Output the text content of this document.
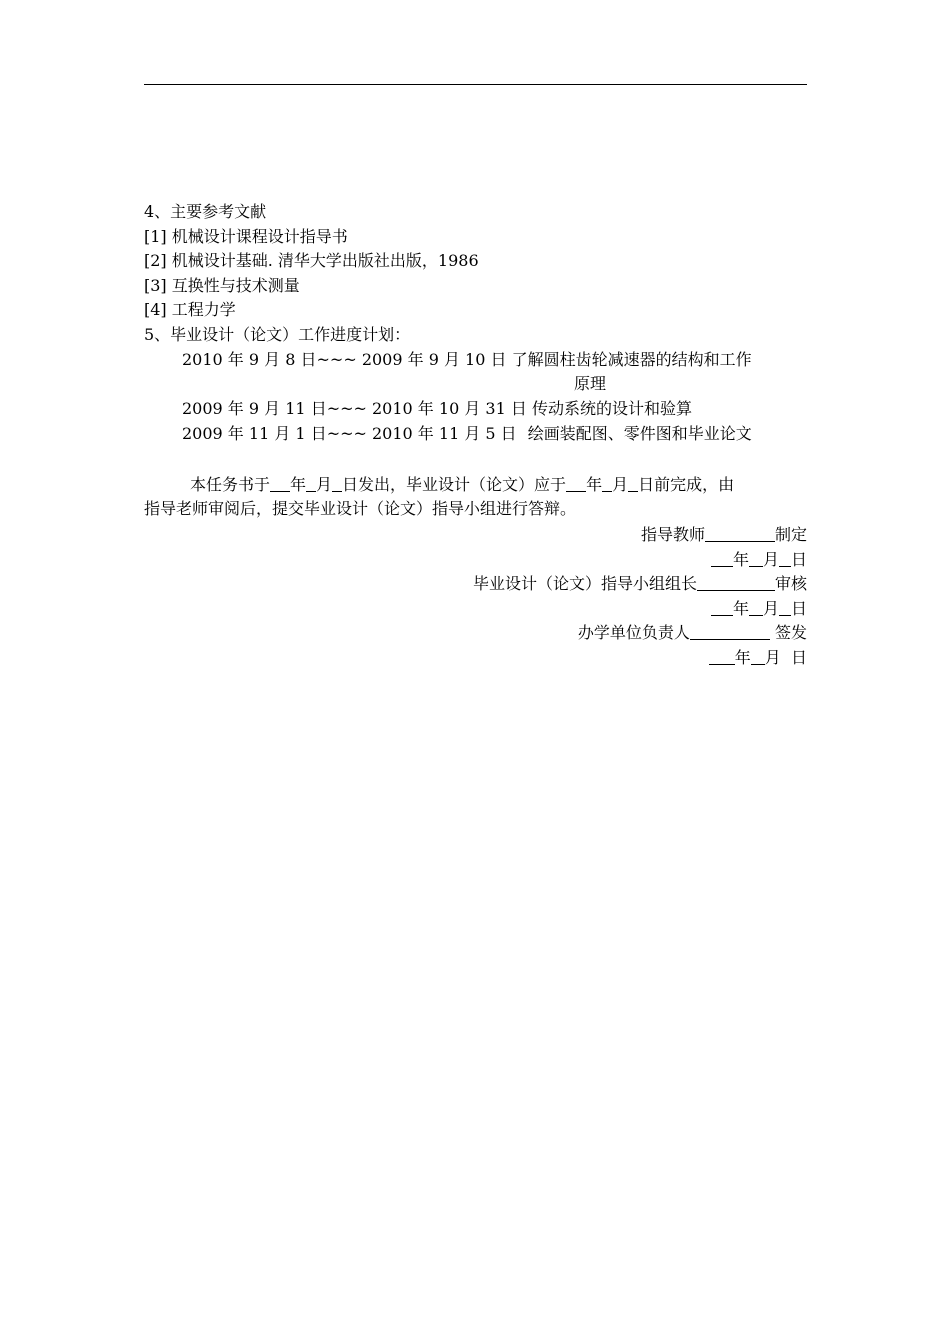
4、主要参考文献
[1] 机械设计课程设计指导书
[2] 机械设计基础. 清华大学出版社出版，1986
[3] 互换性与技术测量
[4] 工程力学
5、毕业设计（论文）工作进度计划：
2010 年 9 月 8 日~~~ 2009 年 9 月 10 日 了解圆柱齿轮减速器的结构和工作
原理
2009 年 9 月 11 日~~~ 2010 年 10 月 31 日 传动系统的设计和验算
2009 年 11 月 1 日~~~ 2010 年 11 月 5 日 绘画装配图、零件图和毕业论文
本任务书于 年 月 日发出，毕业设计（论文）应于 年 月 日前完成，由
指导老师审阅后，提交毕业设计（论文）指导小组进行答辩。
指导教师	制定
年 月 日
毕业设计（论文）指导小组组长	审核
年 月 日
办学单位负责人	签发
年 月 日
